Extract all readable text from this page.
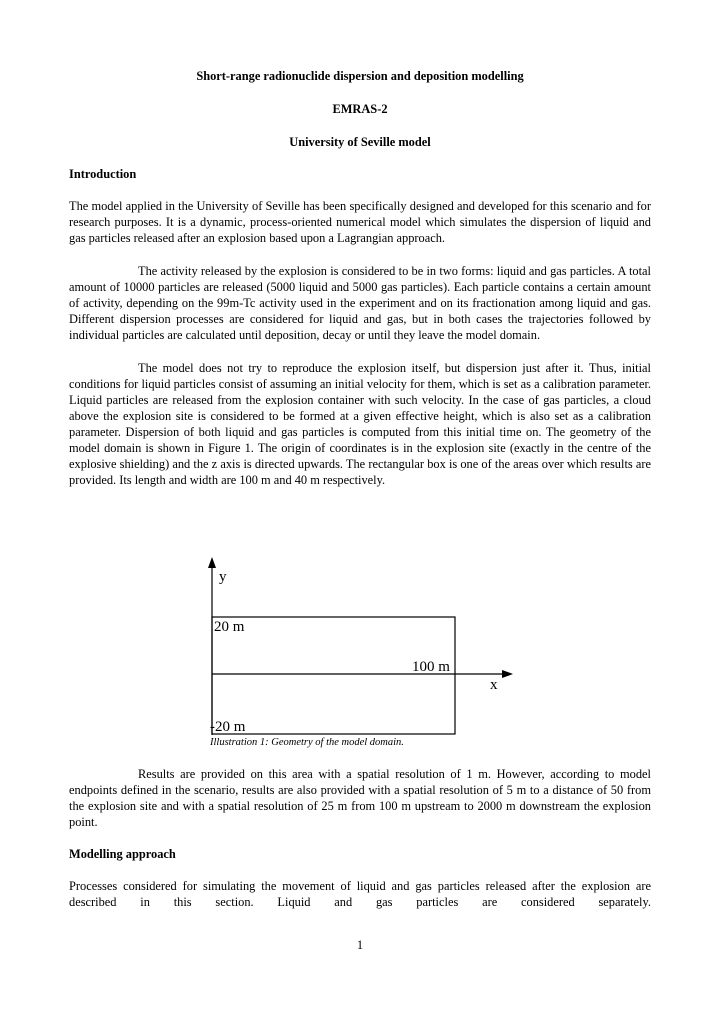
Short-range radionuclide dispersion and deposition modelling
EMRAS-2
University of Seville model
Introduction

The model applied in the University of Seville has been specifically designed and developed for this scenario and for research purposes. It is a dynamic, process-oriented numerical model which simulates the dispersion of liquid and gas particles released after an explosion based upon a Lagrangian approach.

The activity released by the explosion is considered to be in two forms: liquid and gas particles. A total amount of 10000 particles are released (5000 liquid and 5000 gas particles). Each particle contains a certain amount of activity, depending on the 99m-Tc activity used in the experiment and on its fractionation among liquid and gas. Different dispersion processes are considered for liquid and gas, but in both cases the trajectories followed by individual particles are calculated until deposition, decay or until they leave the model domain.

The model does not try to reproduce the explosion itself, but dispersion just after it. Thus, initial conditions for liquid particles consist of assuming an initial velocity for them, which is set as a calibration parameter. Liquid particles are released from the explosion container with such velocity. In the case of gas particles, a cloud above the explosion site is considered to be formed at a given effective height, which is also set as a calibration parameter. Dispersion of both liquid and gas particles is computed from this initial time on. The geometry of the model domain is shown in Figure 1. The origin of coordinates is in the explosion site (exactly in the centre of the explosive shielding) and the z axis is directed upwards. The rectangular box is one of the areas over which results are provided. Its length and width are 100 m and 40 m respectively.

y
20 m
100 m
x
-20 m
Illustration 1: Geometry of the model domain.

Results are provided on this area with a spatial resolution of 1 m. However, according to model endpoints defined in the scenario, results are also provided with a spatial resolution of 5 m to a distance of 50 from the explosion site and with a spatial resolution of 25 m from 100 m upstream to 2000 m downstream the explosion point.

Modelling approach

Processes considered for simulating the movement of liquid and gas particles released after the explosion are described in this section. Liquid and gas particles are considered separately.

1
